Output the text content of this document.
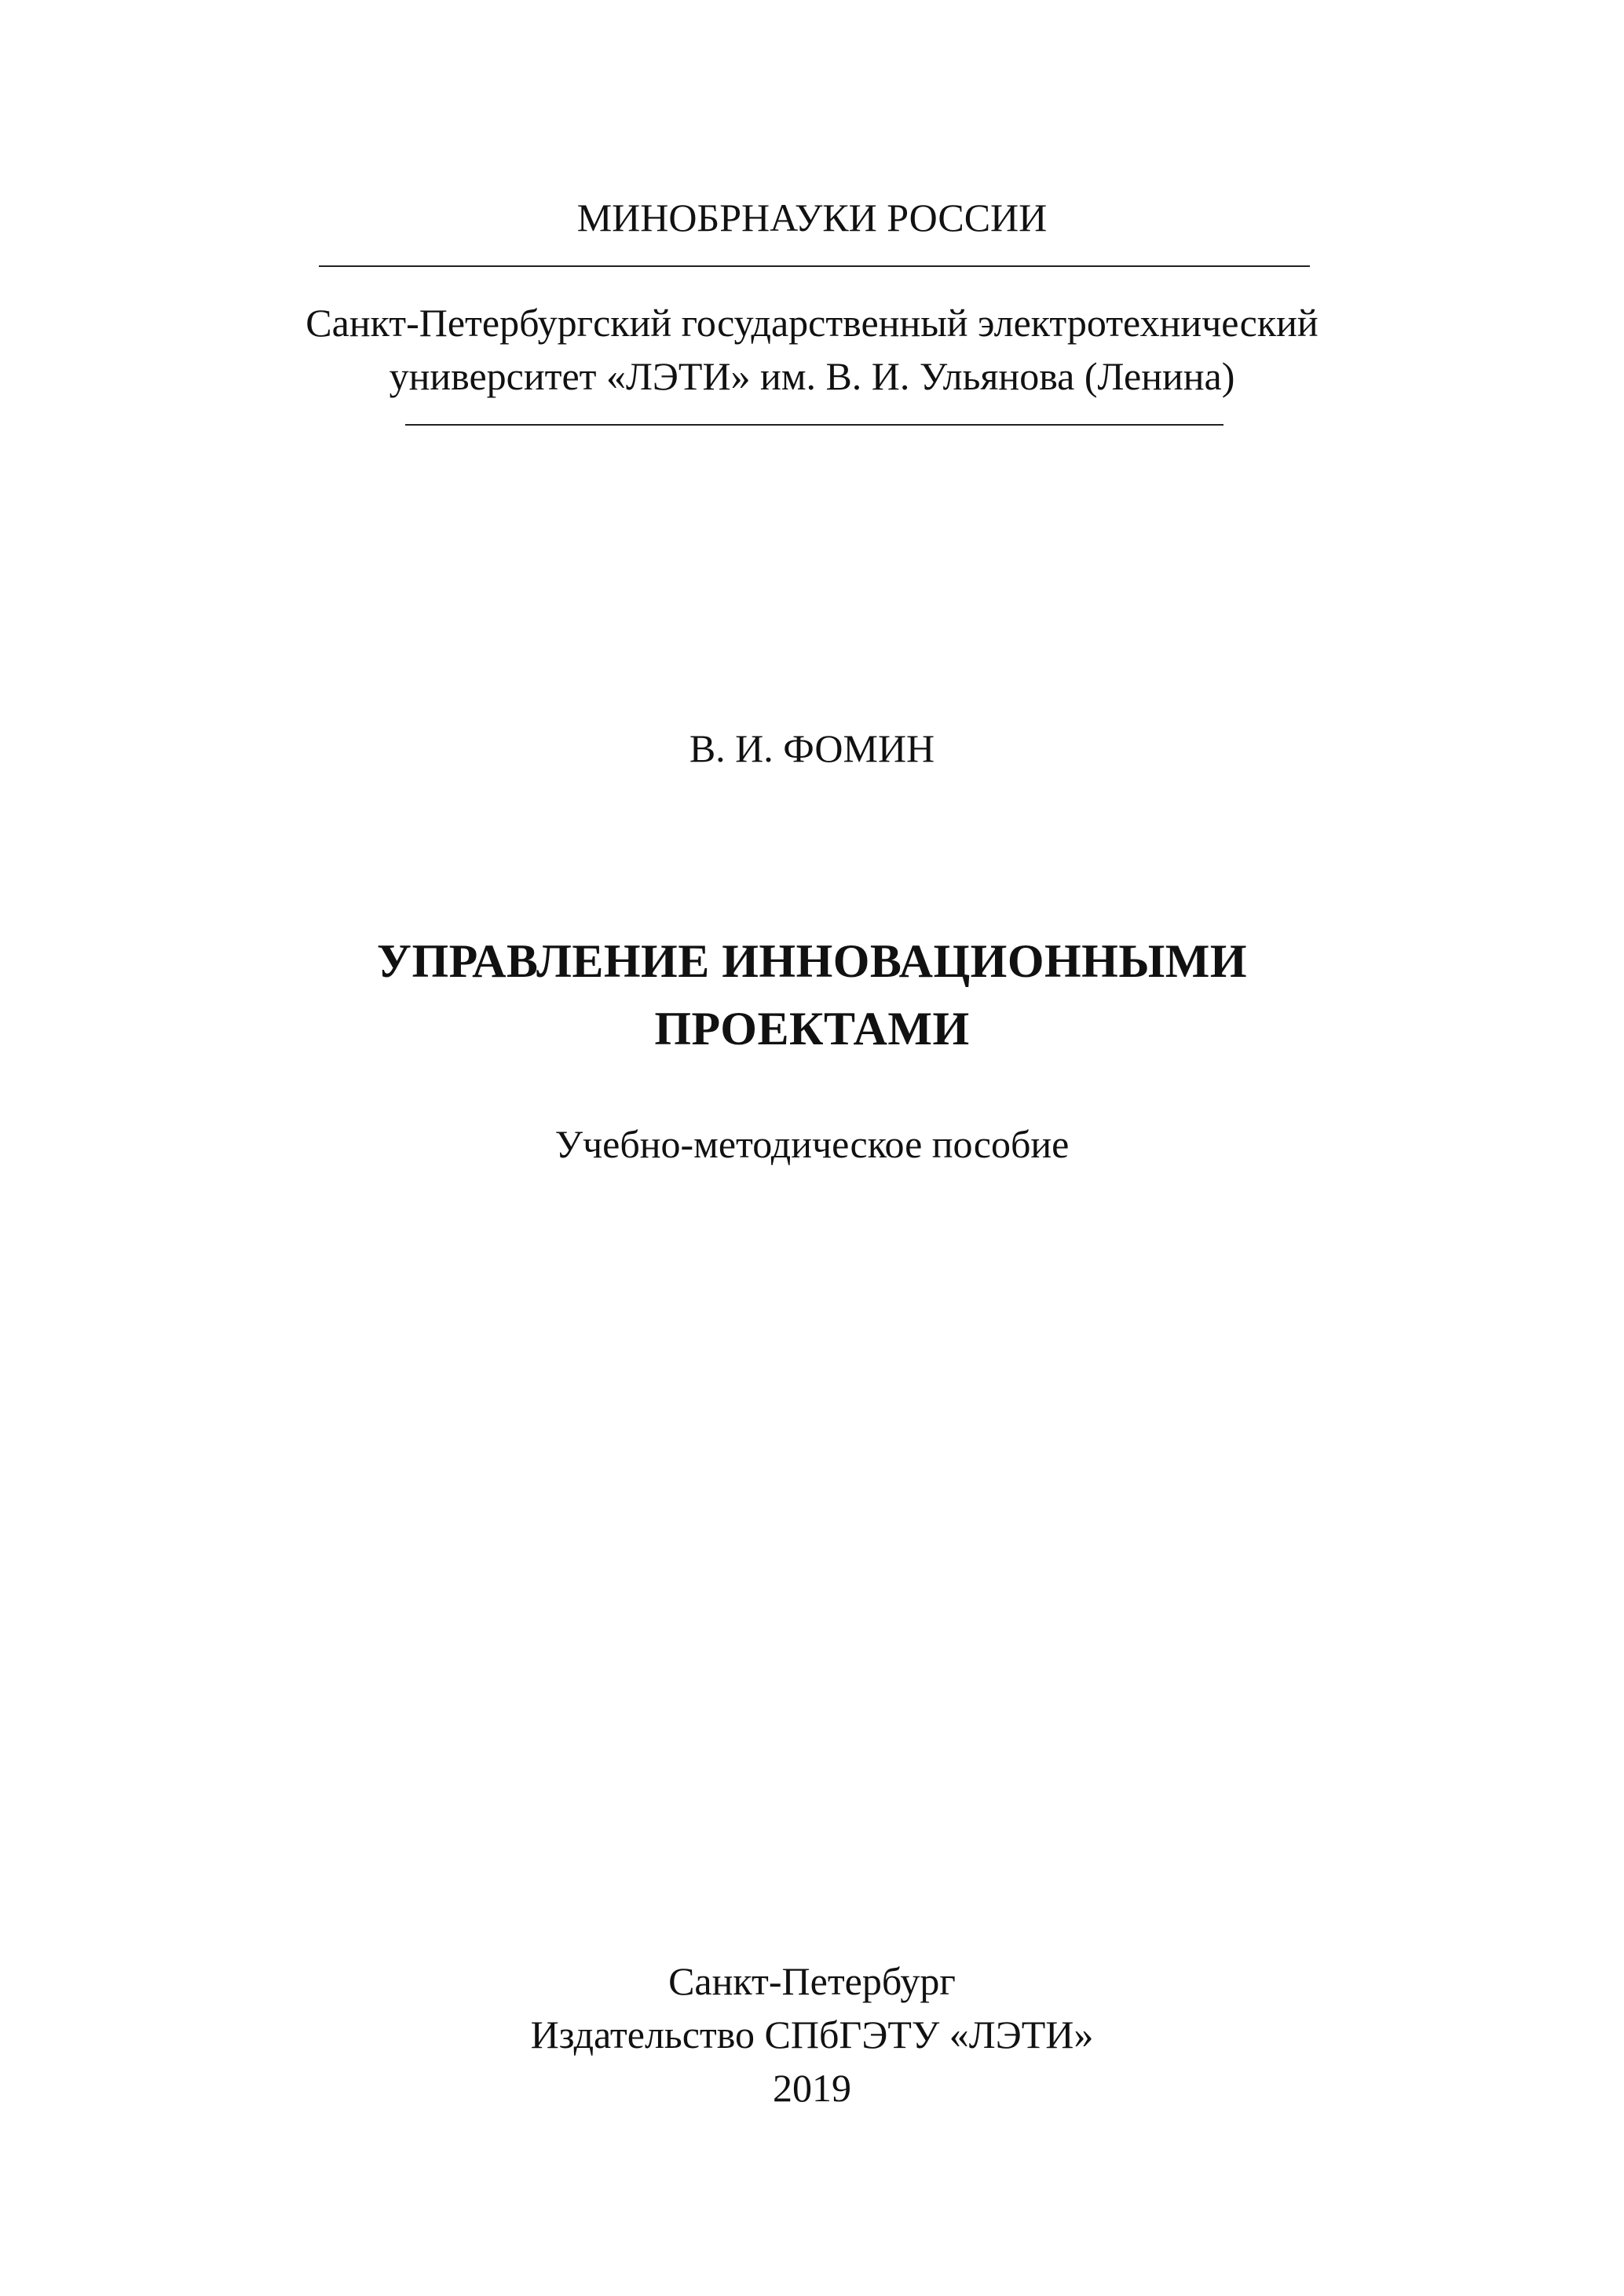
МИНОБРНАУКИ РОССИИ
Санкт-Петербургский государственный электротехнический
университет «ЛЭТИ» им. В. И. Ульянова (Ленина)
В. И. ФОМИН
УПРАВЛЕНИЕ ИННОВАЦИОННЫМИ
ПРОЕКТАМИ
Учебно-методическое пособие
Санкт-Петербург
Издательство СПбГЭТУ «ЛЭТИ»
2019
